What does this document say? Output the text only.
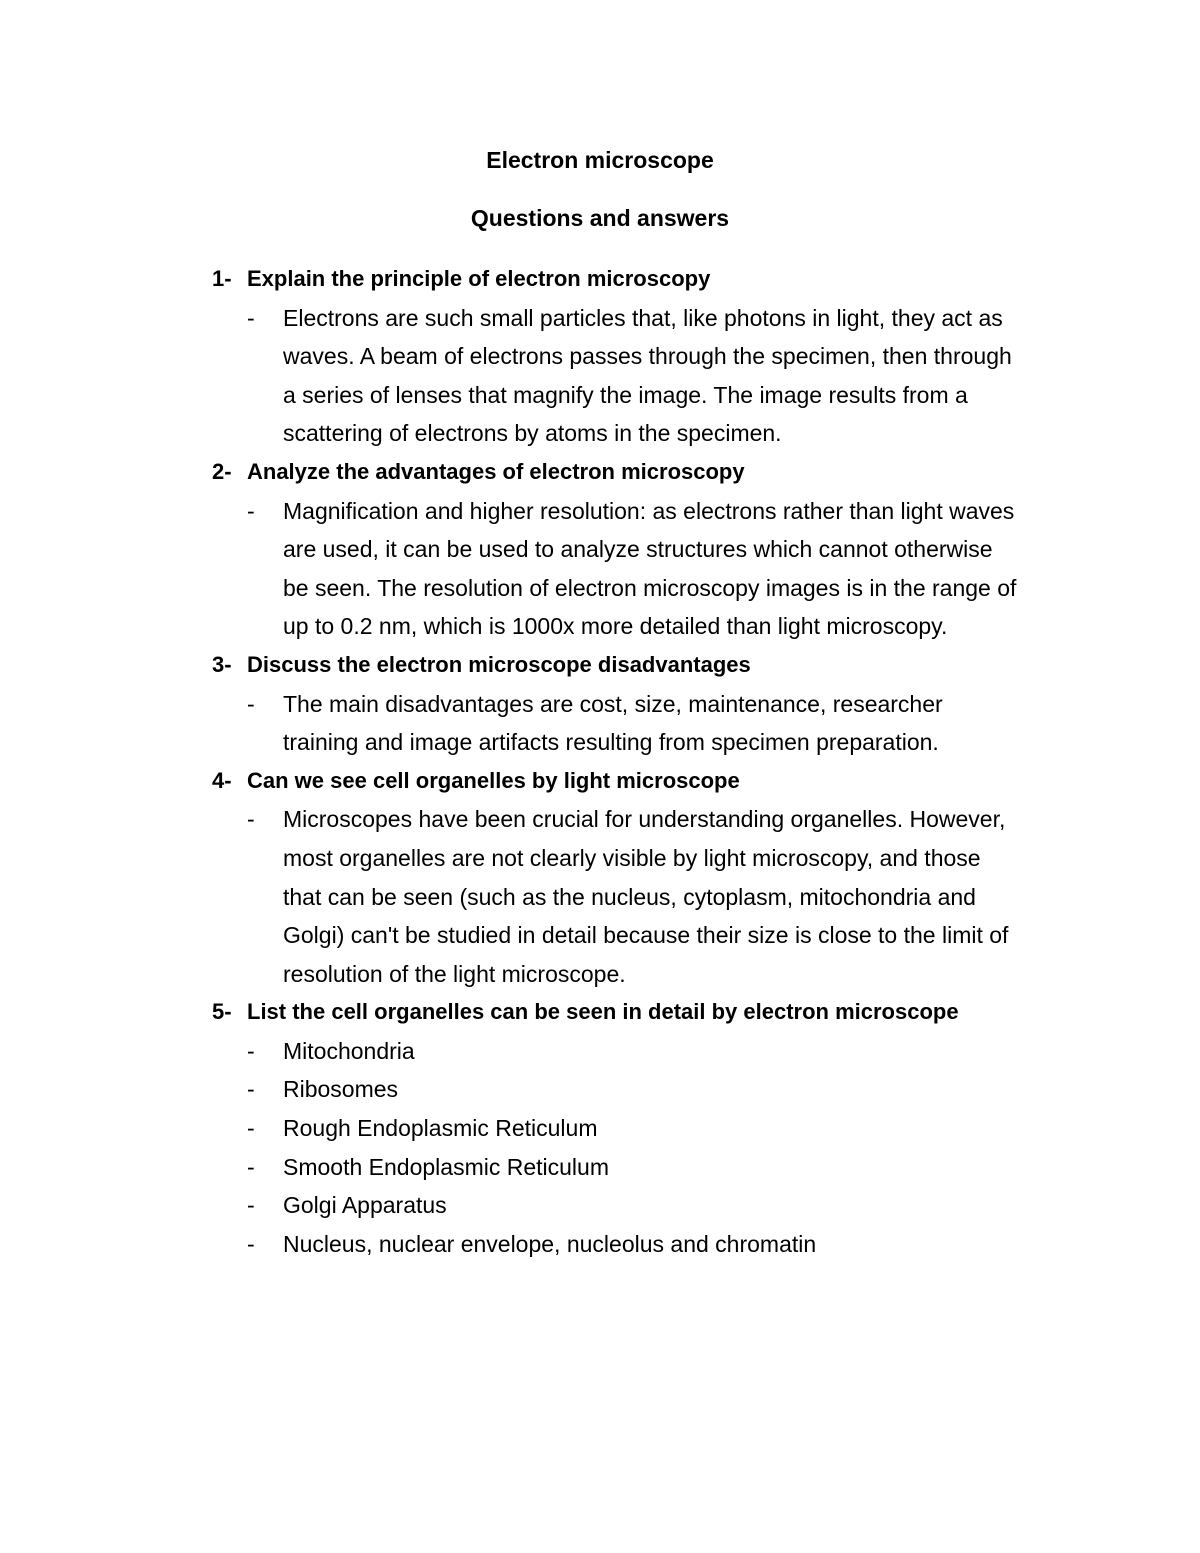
Electron microscope
Questions and answers
1- Explain the principle of electron microscopy
-	Electrons are such small particles that, like photons in light, they act as waves. A beam of electrons passes through the specimen, then through a series of lenses that magnify the image. The image results from a scattering of electrons by atoms in the specimen.
2- Analyze the advantages of electron microscopy
-	Magnification and higher resolution: as electrons rather than light waves are used, it can be used to analyze structures which cannot otherwise be seen. The resolution of electron microscopy images is in the range of up to 0.2 nm, which is 1000x more detailed than light microscopy.
3- Discuss the electron microscope disadvantages
-	The main disadvantages are cost, size, maintenance, researcher training and image artifacts resulting from specimen preparation.
4- Can we see cell organelles by light microscope
-	Microscopes have been crucial for understanding organelles. However, most organelles are not clearly visible by light microscopy, and those that can be seen (such as the nucleus, cytoplasm, mitochondria and Golgi) can't be studied in detail because their size is close to the limit of resolution of the light microscope.
5- List the cell organelles can be seen in detail by electron microscope
-	Mitochondria
-	Ribosomes
-	Rough Endoplasmic Reticulum
-	Smooth Endoplasmic Reticulum
-	Golgi Apparatus
-	Nucleus, nuclear envelope, nucleolus and chromatin
